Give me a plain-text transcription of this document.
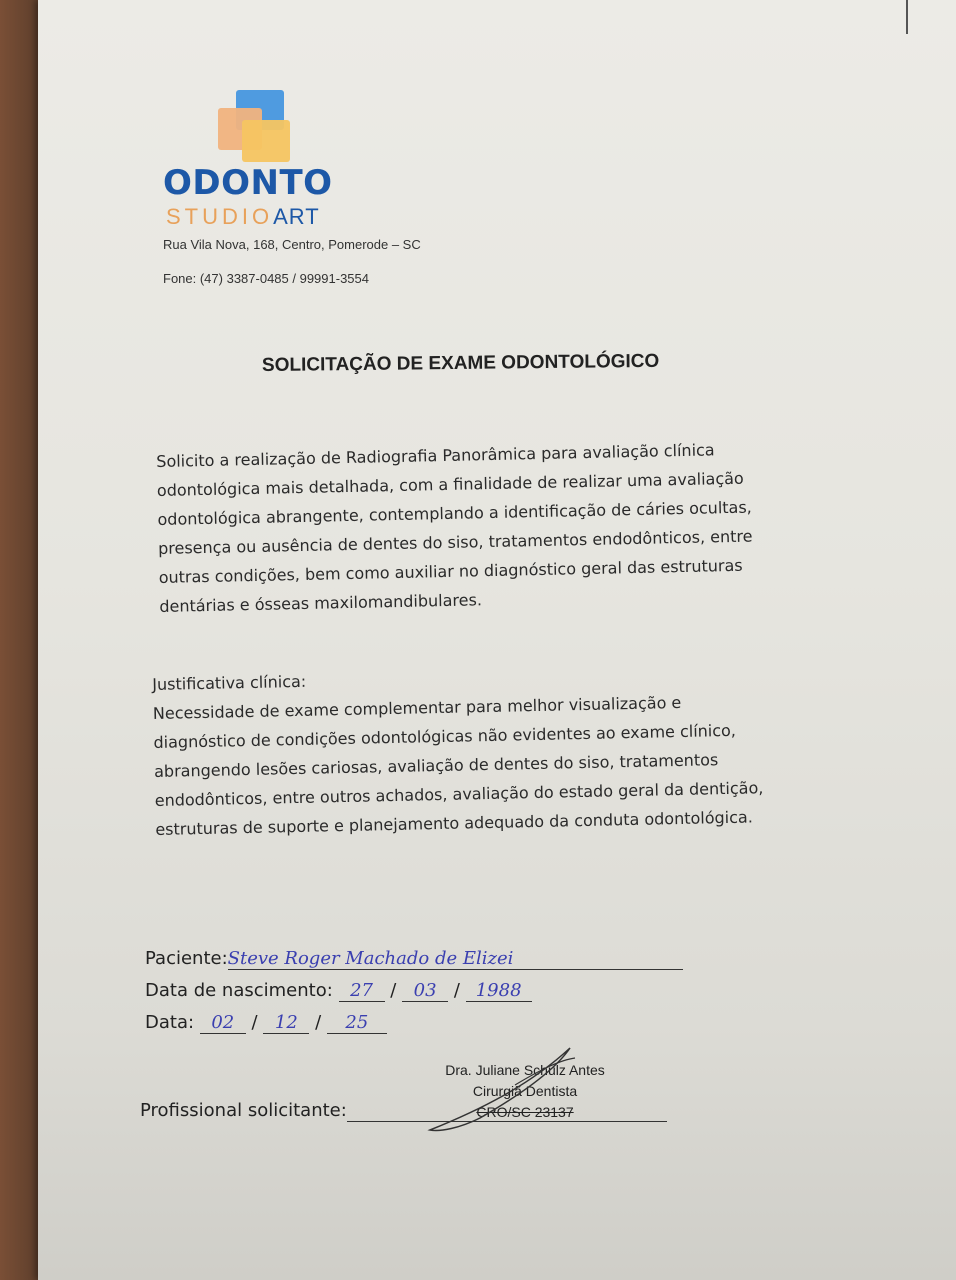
ODONTO
STUDIOART
Rua Vila Nova, 168, Centro, Pomerode – SC
Fone: (47) 3387-0485 / 99991-3554
SOLICITAÇÃO DE EXAME ODONTOLÓGICO
Solicito a realização de Radiografia Panorâmica para avaliação clínica
odontológica mais detalhada, com a finalidade de realizar uma avaliação
odontológica abrangente, contemplando a identificação de cáries ocultas,
presença ou ausência de dentes do siso, tratamentos endodônticos, entre
outras condições, bem como auxiliar no diagnóstico geral das estruturas
dentárias e ósseas maxilomandibulares.
Justificativa clínica:
Necessidade de exame complementar para melhor visualização e
diagnóstico de condições odontológicas não evidentes ao exame clínico,
abrangendo lesões cariosas, avaliação de dentes do siso, tratamentos
endodônticos, entre outros achados, avaliação do estado geral da dentição,
estruturas de suporte e planejamento adequado da conduta odontológica.
Paciente:Steve Roger Machado de Elizei
Data de nascimento: 27 / 03 / 1988
Data: 02 / 12 / 25
Dra. Juliane Schulz Antes
Cirurgiã Dentista
CRO/SC 23137
Profissional solicitante:
